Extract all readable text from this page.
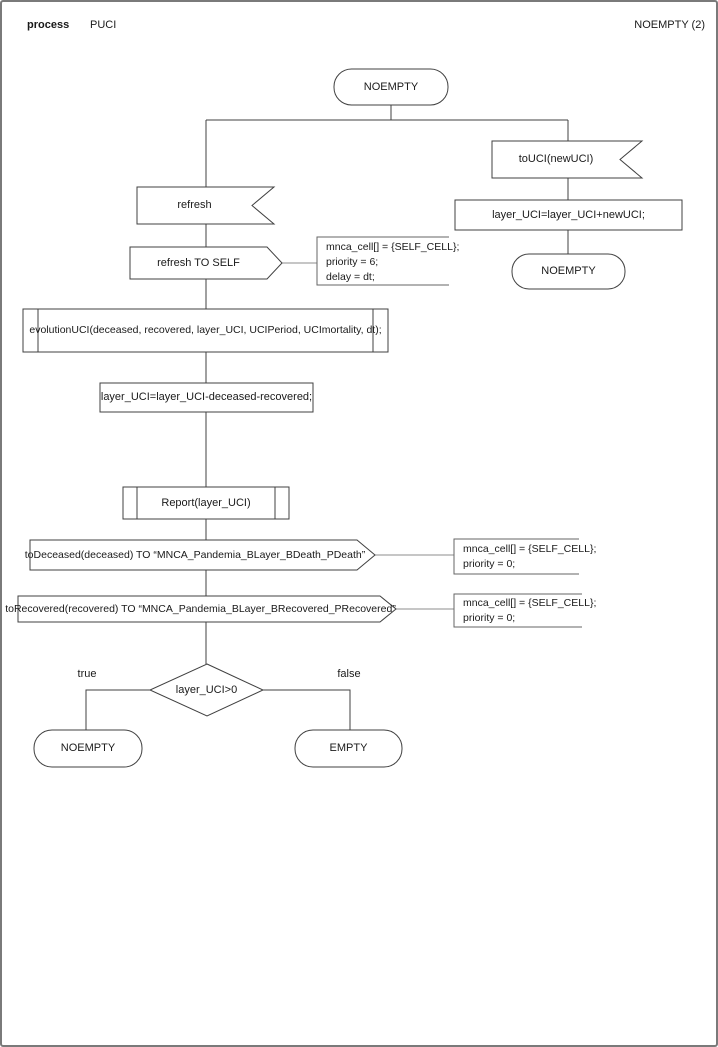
process PUCI	NOEMPTY (2)
NOEMPTY
toUCI(newUCI)
layer_UCI=layer_UCI+newUCI;
NOEMPTY
refresh
refresh TO SELF
evolutionUCI(deceased, recovered, layer_UCI, UCIPeriod, UCImortality, dt);
layer_UCI=layer_UCI-deceased-recovered;
Report(layer_UCI)
toDeceased(deceased) TO “MNCA_Pandemia_BLayer_BDeath_PDeath”
toRecovered(recovered) TO “MNCA_Pandemia_BLayer_BRecovered_PRecovered”
layer_UCI>0
true	false
NOEMPTY	EMPTY
mnca_cell[] = {SELF_CELL};
priority = 6;
delay = dt;
mnca_cell[] = {SELF_CELL};
priority = 0;
mnca_cell[] = {SELF_CELL};
priority = 0;
